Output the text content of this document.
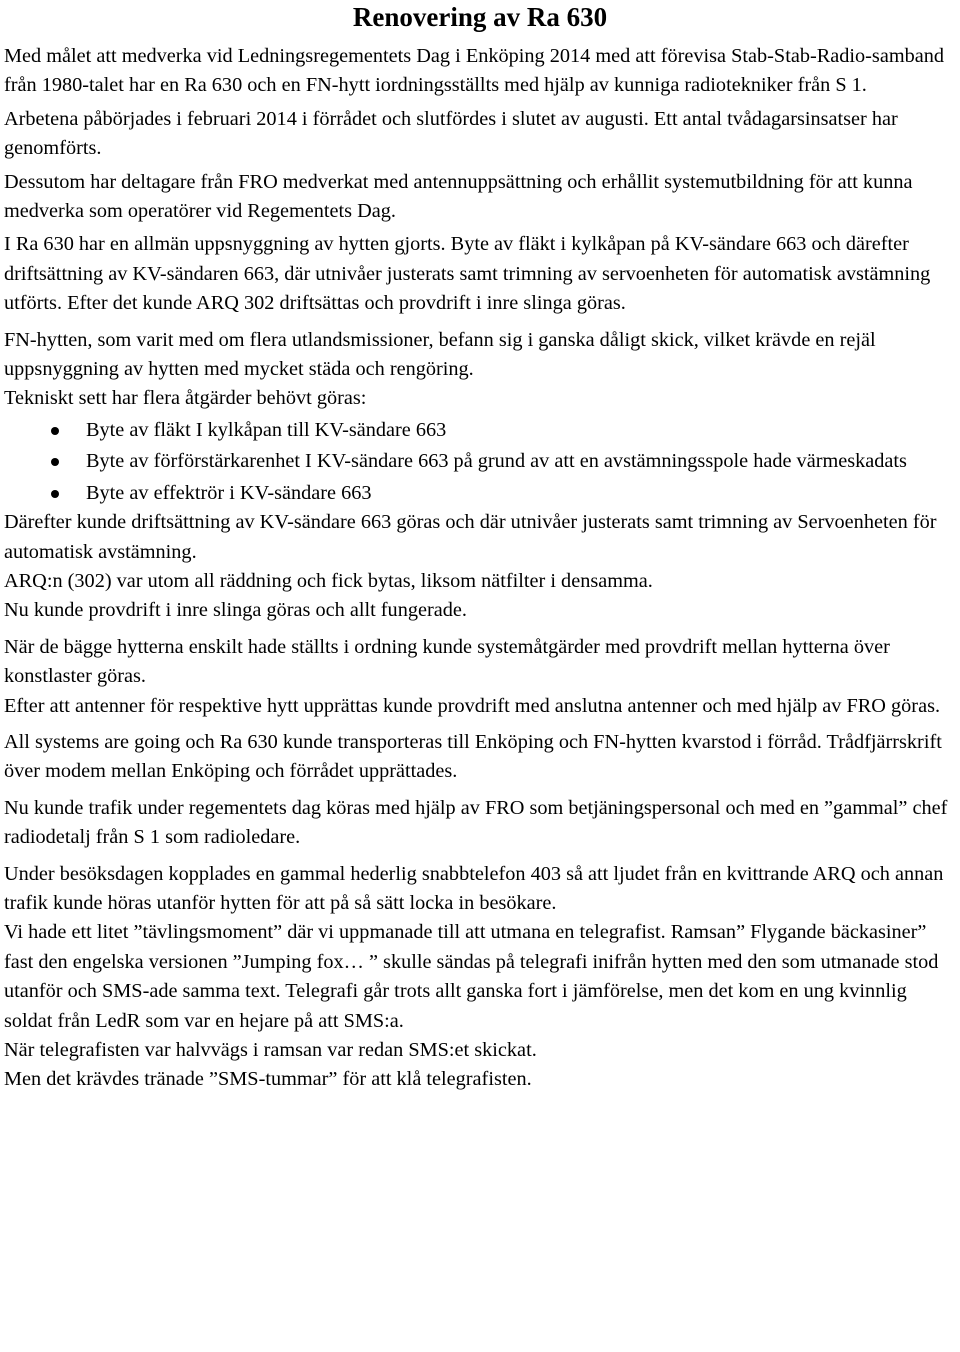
Renovering av Ra 630

Med målet att medverka vid Ledningsregementets Dag i Enköping 2014 med att förevisa Stab-Stab-Radio-samband från 1980-talet har en Ra 630 och en FN-hytt iordningsställts med hjälp av kunniga radiotekniker från S 1.

Arbetena påbörjades i februari 2014 i förrådet och slutfördes i slutet av augusti. Ett antal tvådagarsinsatser har genomförts.

Dessutom har deltagare från FRO medverkat med antennuppsättning och erhållit systemutbildning för att kunna medverka som operatörer vid Regementets Dag.

I Ra 630 har en allmän uppsnyggning av hytten gjorts. Byte av fläkt i kylkåpan på KV-sändare 663 och därefter driftsättning av KV-sändaren 663, där utnivåer justerats samt trimning av servoenheten för automatisk avstämning utförts. Efter det kunde ARQ 302 driftsättas och provdrift i inre slinga göras.

FN-hytten, som varit med om flera utlandsmissioner, befann sig i ganska dåligt skick, vilket krävde en rejäl uppsnyggning av hytten med mycket städa och rengöring.

Tekniskt sett har flera åtgärder behövt göras:

Byte av fläkt I kylkåpan till KV-sändare 663
Byte av förförstärkarenhet I KV-sändare 663 på grund av att en avstämningsspole hade värmeskadats
Byte av effektrör i KV-sändare 663

Därefter kunde driftsättning av KV-sändare 663 göras och där utnivåer justerats samt trimning av Servoenheten för automatisk avstämning.

ARQ:n (302) var utom all räddning och fick bytas, liksom nätfilter i densamma.

Nu kunde provdrift i inre slinga göras och allt fungerade.

När de bägge hytterna enskilt hade ställts i ordning kunde systemåtgärder med provdrift mellan hytterna över konstlaster göras.

Efter att antenner för respektive hytt upprättas kunde provdrift med anslutna antenner och med hjälp av FRO göras.

All systems are going och Ra 630 kunde transporteras till Enköping och FN-hytten kvarstod i förråd. Trådfjärrskrift över modem mellan Enköping och förrådet upprättades.

Nu kunde trafik under regementets dag köras med hjälp av FRO som betjäningspersonal och med en ”gammal” chef radiodetalj från S 1 som radioledare.

Under besöksdagen kopplades en gammal hederlig snabbtelefon 403 så att ljudet från en kvittrande ARQ och annan trafik kunde höras utanför hytten för att på så sätt locka in besökare.

Vi hade ett litet ”tävlingsmoment” där vi uppmanade till att utmana en telegrafist. Ramsan” Flygande bäckasiner” fast den engelska versionen ”Jumping fox… ” skulle sändas på telegrafi inifrån hytten med den som utmanade stod utanför och SMS-ade samma text. Telegrafi går trots allt ganska fort i jämförelse, men det kom en ung kvinnlig soldat från LedR som var en hejare på att SMS:a.

När telegrafisten var halvvägs i ramsan var redan SMS:et skickat.

Men det krävdes tränade ”SMS-tummar” för att klå telegrafisten.
